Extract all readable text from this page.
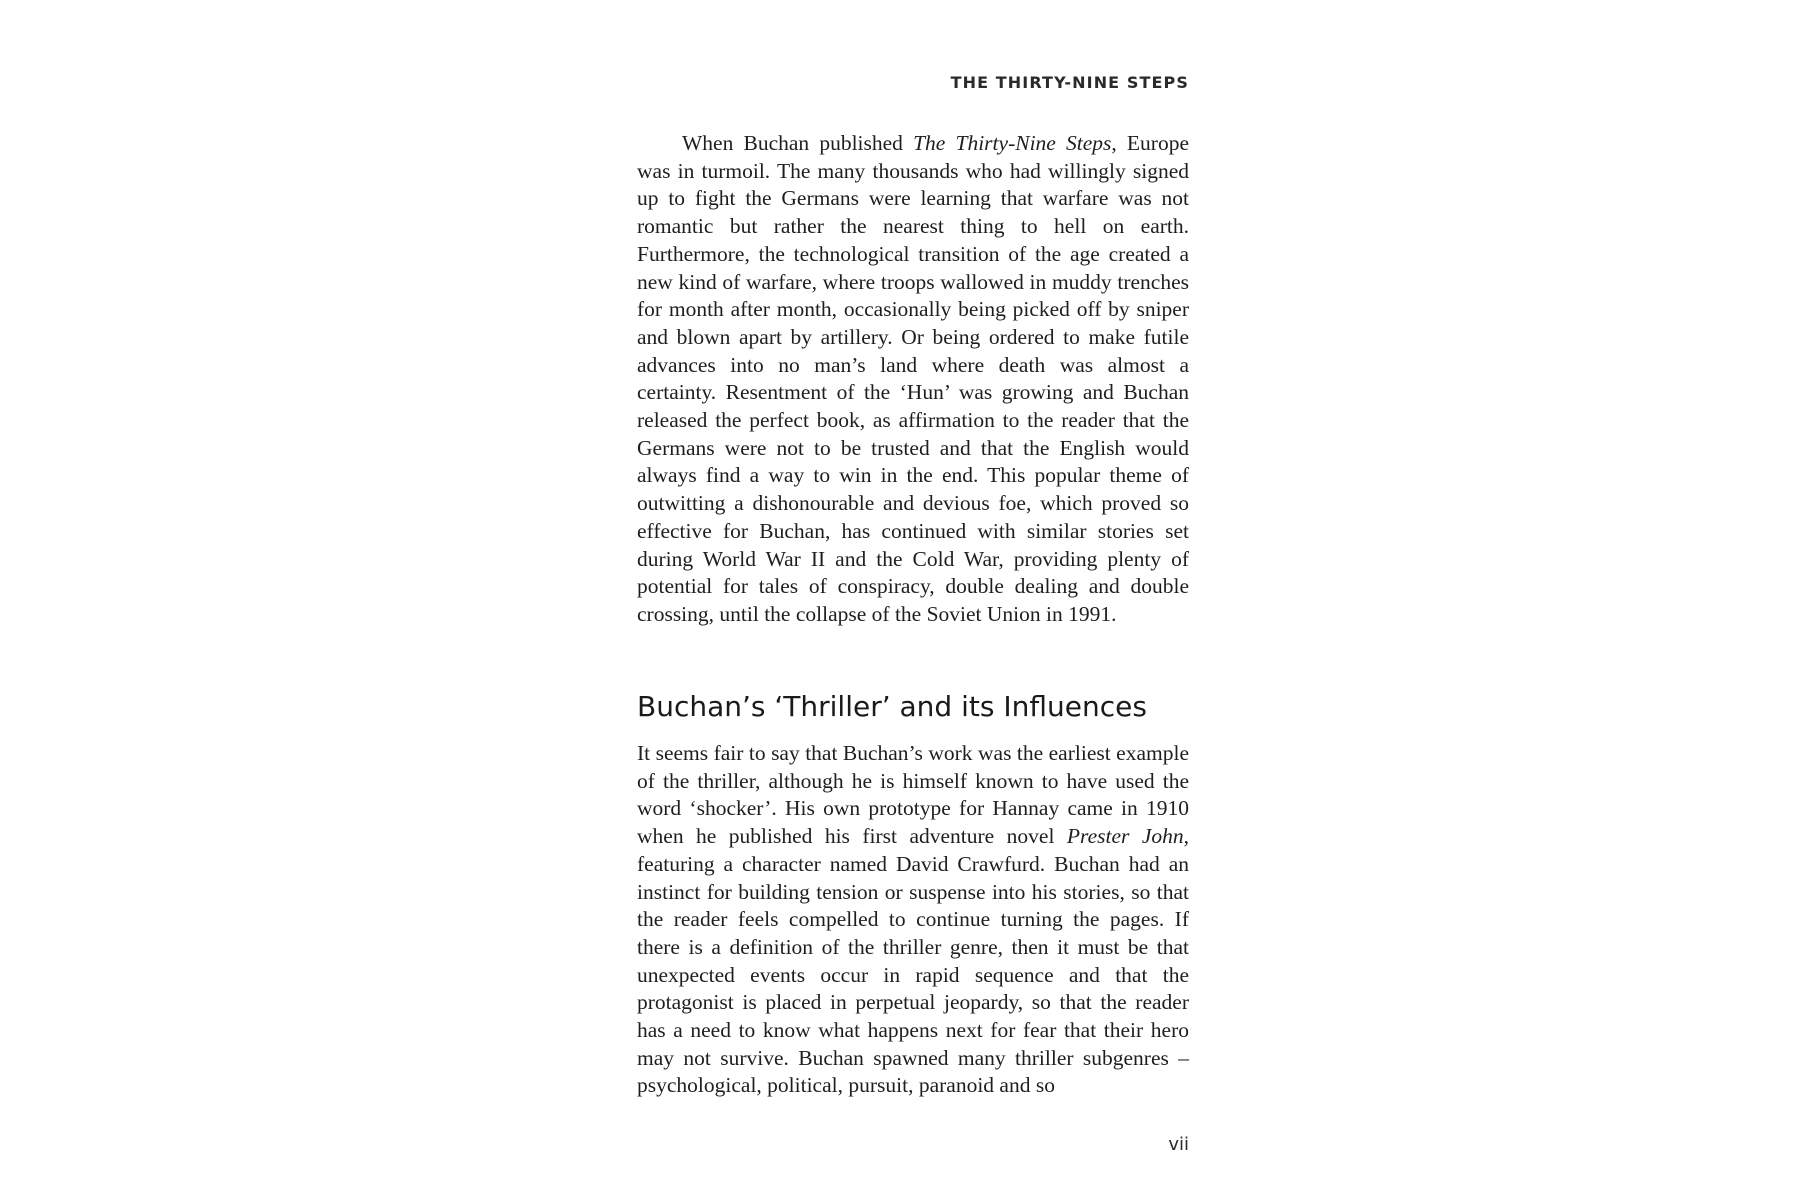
THE THIRTY-NINE STEPS

When Buchan published The Thirty-Nine Steps, Europe was in turmoil. The many thousands who had willingly signed up to fight the Germans were learning that warfare was not romantic but rather the nearest thing to hell on earth. Furthermore, the technological transition of the age created a new kind of warfare, where troops wallowed in muddy trenches for month after month, occasionally being picked off by sniper and blown apart by artillery. Or being ordered to make futile advances into no man’s land where death was almost a certainty. Resentment of the ‘Hun’ was growing and Buchan released the perfect book, as affirmation to the reader that the Germans were not to be trusted and that the English would always find a way to win in the end. This popular theme of outwitting a dishonourable and devious foe, which proved so effective for Buchan, has continued with similar stories set during World War II and the Cold War, providing plenty of potential for tales of conspiracy, double dealing and double crossing, until the collapse of the Soviet Union in 1991.

Buchan’s ‘Thriller’ and its Influences

It seems fair to say that Buchan’s work was the earliest example of the thriller, although he is himself known to have used the word ‘shocker’. His own prototype for Hannay came in 1910 when he published his first adventure novel Prester John, featuring a character named David Crawfurd. Buchan had an instinct for building tension or suspense into his stories, so that the reader feels compelled to continue turning the pages. If there is a definition of the thriller genre, then it must be that unexpected events occur in rapid sequence and that the protagonist is placed in perpetual jeopardy, so that the reader has a need to know what happens next for fear that their hero may not survive. Buchan spawned many thriller subgenres – psychological, political, pursuit, paranoid and so

vii
